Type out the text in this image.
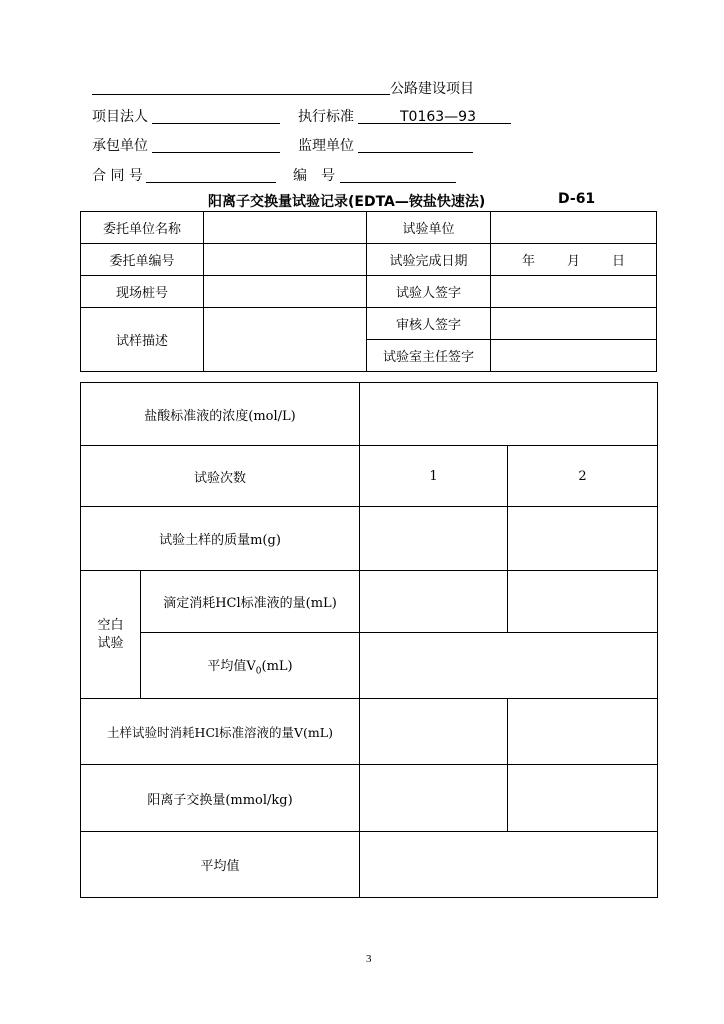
公路建设项目
项目法人	执行标准	T0163—93
承包单位	监理单位
合 同 号	编 号
阳离子交换量试验记录(EDTA—铵盐快速法)	D-61
委托单位名称		试验单位	
委托单编号		试验完成日期	年 月 日
现场桩号		试验人签字	
试样描述		审核人签字	
		试验室主任签字	
盐酸标准液的浓度(mol/L)			
试验次数		1	2
试验土样的质量m(g)			
空白
试验	滴定消耗HCl标准液的量(mL)		
	平均值$V_0(mL)$		
土样试验时消耗HCl标准溶液的量V(mL)			
阳离子交换量(mmol/kg)			
平均值			
3
